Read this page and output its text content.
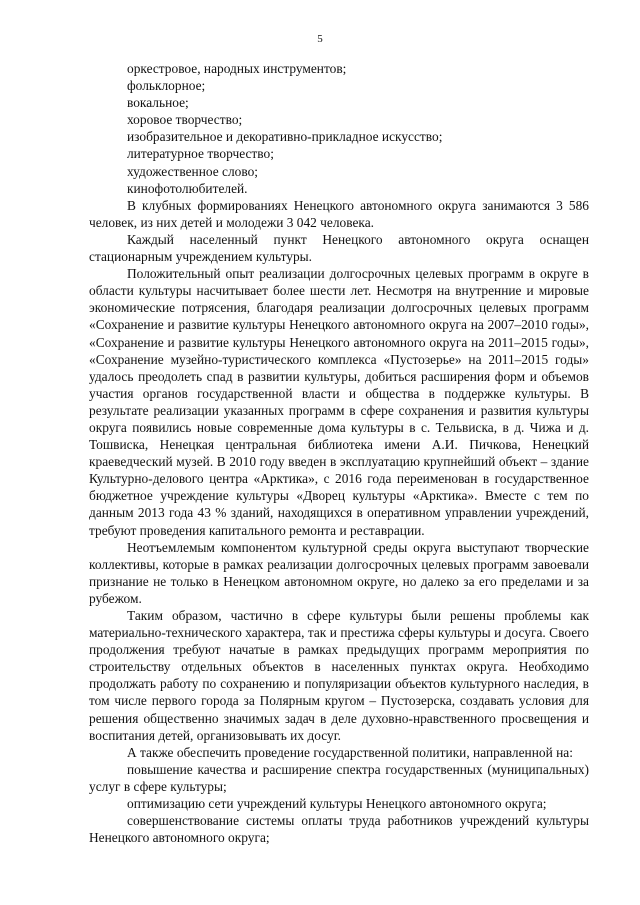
5
оркестровое, народных инструментов;
фольклорное;
вокальное;
хоровое творчество;
изобразительное и декоративно-прикладное искусство;
литературное творчество;
художественное слово;
кинофотолюбителей.

В клубных формированиях Ненецкого автономного округа занимаются 3 586 человек, из них детей и молодежи 3 042 человека.

Каждый населенный пункт Ненецкого автономного округа оснащен стационарным учреждением культуры.

Положительный опыт реализации долгосрочных целевых программ в округе в области культуры насчитывает более шести лет. Несмотря на внутренние и мировые экономические потрясения, благодаря реализации долгосрочных целевых программ «Сохранение и развитие культуры Ненецкого автономного округа на 2007–2010 годы», «Сохранение и развитие культуры Ненецкого автономного округа на 2011–2015 годы», «Сохранение музейно-туристического комплекса «Пустозерье» на 2011–2015 годы» удалось преодолеть спад в развитии культуры, добиться расширения форм и объемов участия органов государственной власти и общества в поддержке культуры. В результате реализации указанных программ в сфере сохранения и развития культуры округа появились новые современные дома культуры в с. Тельвиска, в д. Чижа и д. Тошвиска, Ненецкая центральная библиотека имени А.И. Пичкова, Ненецкий краеведческий музей. В 2010 году введен в эксплуатацию крупнейший объект – здание Культурно-делового центра «Арктика», с 2016 года переименован в государственное бюджетное учреждение культуры «Дворец культуры «Арктика». Вместе с тем по данным 2013 года 43 % зданий, находящихся в оперативном управлении учреждений, требуют проведения капитального ремонта и реставрации.

Неотъемлемым компонентом культурной среды округа выступают творческие коллективы, которые в рамках реализации долгосрочных целевых программ завоевали признание не только в Ненецком автономном округе, но далеко за его пределами и за рубежом.

Таким образом, частично в сфере культуры были решены проблемы как материально-технического характера, так и престижа сферы культуры и досуга. Своего продолжения требуют начатые в рамках предыдущих программ мероприятия по строительству отдельных объектов в населенных пунктах округа. Необходимо продолжать работу по сохранению и популяризации объектов культурного наследия, в том числе первого города за Полярным кругом – Пустозерска, создавать условия для решения общественно значимых задач в деле духовно-нравственного просвещения и воспитания детей, организовывать их досуг.

А также обеспечить проведение государственной политики, направленной на:

повышение качества и расширение спектра государственных (муниципальных) услуг в сфере культуры;

оптимизацию сети учреждений культуры Ненецкого автономного округа;

совершенствование системы оплаты труда работников учреждений культуры Ненецкого автономного округа;
